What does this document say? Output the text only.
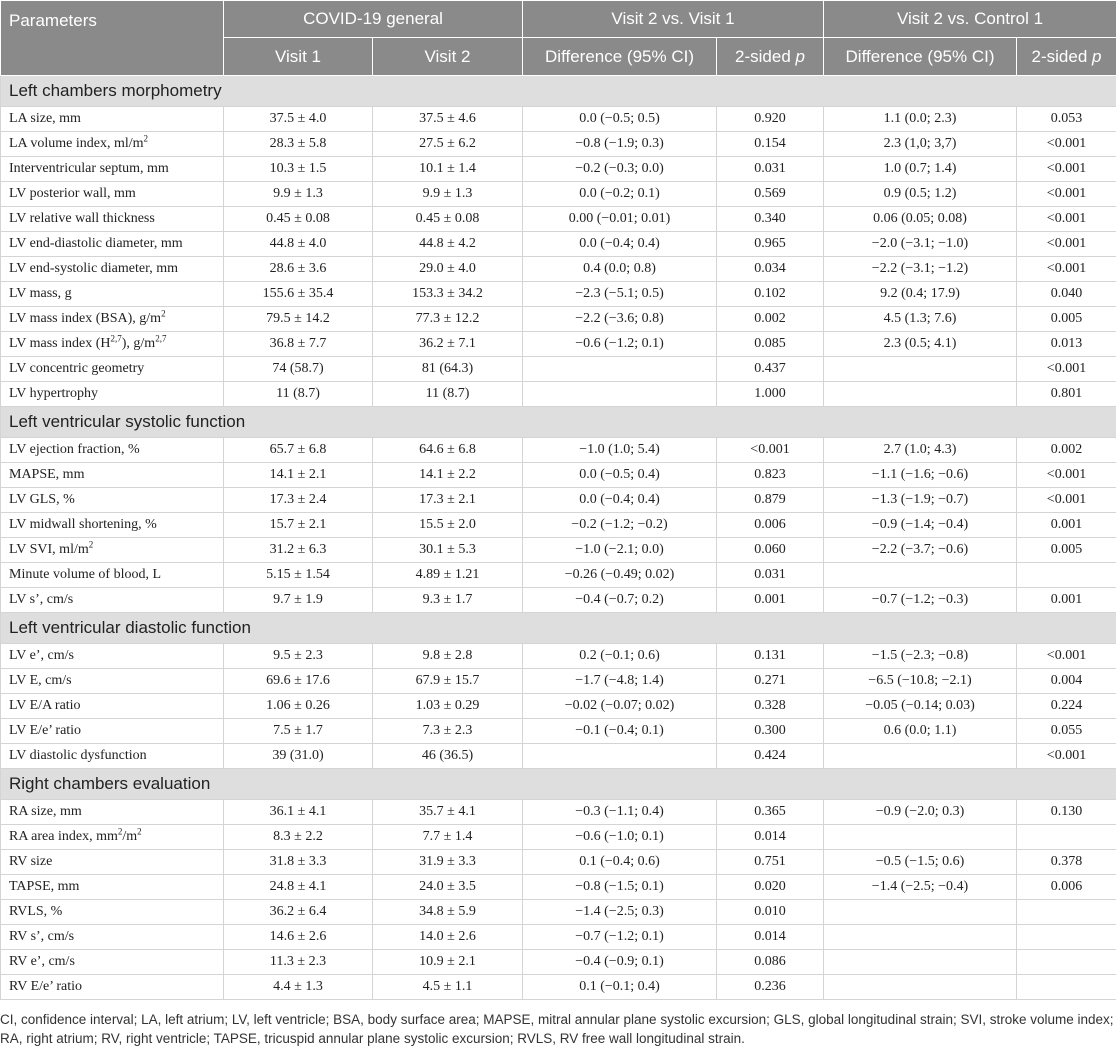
Parameters	COVID-19 general		Visit 2 vs. Visit 1		Visit 2 vs. Control 1	
	Visit 1	Visit 2	Difference (95% CI)	2-sided p	Difference (95% CI)	2-sided p
Left chambers morphometry						
LA size, mm	37.5 ± 4.0	37.5 ± 4.6	0.0 (−0.5; 0.5)	0.920	1.1 (0.0; 2.3)	0.053
LA volume index, $ml/m^2$	28.3 ± 5.8	27.5 ± 6.2	−0.8 (−1.9; 0.3)	0.154	2.3 (1,0; 3,7)	<0.001
Interventricular septum, mm	10.3 ± 1.5	10.1 ± 1.4	−0.2 (−0.3; 0.0)	0.031	1.0 (0.7; 1.4)	<0.001
LV posterior wall, mm	9.9 ± 1.3	9.9 ± 1.3	0.0 (−0.2; 0.1)	0.569	0.9 (0.5; 1.2)	<0.001
LV relative wall thickness	0.45 ± 0.08	0.45 ± 0.08	0.00 (−0.01; 0.01)	0.340	0.06 (0.05; 0.08)	<0.001
LV end-diastolic diameter, mm	44.8 ± 4.0	44.8 ± 4.2	0.0 (−0.4; 0.4)	0.965	−2.0 (−3.1; −1.0)	<0.001
LV end-systolic diameter, mm	28.6 ± 3.6	29.0 ± 4.0	0.4 (0.0; 0.8)	0.034	−2.2 (−3.1; −1.2)	<0.001
LV mass, g	155.6 ± 35.4	153.3 ± 34.2	−2.3 (−5.1; 0.5)	0.102	9.2 (0.4; 17.9)	0.040
LV mass index (BSA), $g/m^2$	79.5 ± 14.2	77.3 ± 12.2	−2.2 (−3.6; 0.8)	0.002	4.5 (1.3; 7.6)	0.005
LV mass index $(H^{2,7})$, $g/m^{2,7}$	36.8 ± 7.7	36.2 ± 7.1	−0.6 (−1.2; 0.1)	0.085	2.3 (0.5; 4.1)	0.013
LV concentric geometry	74 (58.7)	81 (64.3)		0.437		<0.001
LV hypertrophy	11 (8.7)	11 (8.7)		1.000		0.801
Left ventricular systolic function						
LV ejection fraction, %	65.7 ± 6.8	64.6 ± 6.8	−1.0 (1.0; 5.4)	<0.001	2.7 (1.0; 4.3)	0.002
MAPSE, mm	14.1 ± 2.1	14.1 ± 2.2	0.0 (−0.5; 0.4)	0.823	−1.1 (−1.6; −0.6)	<0.001
LV GLS, %	17.3 ± 2.4	17.3 ± 2.1	0.0 (−0.4; 0.4)	0.879	−1.3 (−1.9; −0.7)	<0.001
LV midwall shortening, %	15.7 ± 2.1	15.5 ± 2.0	−0.2 (−1.2; −0.2)	0.006	−0.9 (−1.4; −0.4)	0.001
LV SVI, $ml/m^2$	31.2 ± 6.3	30.1 ± 5.3	−1.0 (−2.1; 0.0)	0.060	−2.2 (−3.7; −0.6)	0.005
Minute volume of blood, L	5.15 ± 1.54	4.89 ± 1.21	−0.26 (−0.49; 0.02)	0.031		
LV s’, cm/s	9.7 ± 1.9	9.3 ± 1.7	−0.4 (−0.7; 0.2)	0.001	−0.7 (−1.2; −0.3)	0.001
Left ventricular diastolic function						
LV e’, cm/s	9.5 ± 2.3	9.8 ± 2.8	0.2 (−0.1; 0.6)	0.131	−1.5 (−2.3; −0.8)	<0.001
LV E, cm/s	69.6 ± 17.6	67.9 ± 15.7	−1.7 (−4.8; 1.4)	0.271	−6.5 (−10.8; −2.1)	0.004
LV E/A ratio	1.06 ± 0.26	1.03 ± 0.29	−0.02 (−0.07; 0.02)	0.328	−0.05 (−0.14; 0.03)	0.224
LV E/e’ ratio	7.5 ± 1.7	7.3 ± 2.3	−0.1 (−0.4; 0.1)	0.300	0.6 (0.0; 1.1)	0.055
LV diastolic dysfunction	39 (31.0)	46 (36.5)		0.424		<0.001
Right chambers evaluation						
RA size, mm	36.1 ± 4.1	35.7 ± 4.1	−0.3 (−1.1; 0.4)	0.365	−0.9 (−2.0; 0.3)	0.130
RA area index, $mm^2/m^2$	8.3 ± 2.2	7.7 ± 1.4	−0.6 (−1.0; 0.1)	0.014		
RV size	31.8 ± 3.3	31.9 ± 3.3	0.1 (−0.4; 0.6)	0.751	−0.5 (−1.5; 0.6)	0.378
TAPSE, mm	24.8 ± 4.1	24.0 ± 3.5	−0.8 (−1.5; 0.1)	0.020	−1.4 (−2.5; −0.4)	0.006
RVLS, %	36.2 ± 6.4	34.8 ± 5.9	−1.4 (−2.5; 0.3)	0.010		
RV s’, cm/s	14.6 ± 2.6	14.0 ± 2.6	−0.7 (−1.2; 0.1)	0.014		
RV e’, cm/s	11.3 ± 2.3	10.9 ± 2.1	−0.4 (−0.9; 0.1)	0.086		
RV E/e’ ratio	4.4 ± 1.3	4.5 ± 1.1	0.1 (−0.1; 0.4)	0.236		

CI, confidence interval; LA, left atrium; LV, left ventricle; BSA, body surface area; MAPSE, mitral annular plane systolic excursion; GLS, global longitudinal strain; SVI, stroke volume index; RA, right atrium; RV, right ventricle; TAPSE, tricuspid annular plane systolic excursion; RVLS, RV free wall longitudinal strain.
